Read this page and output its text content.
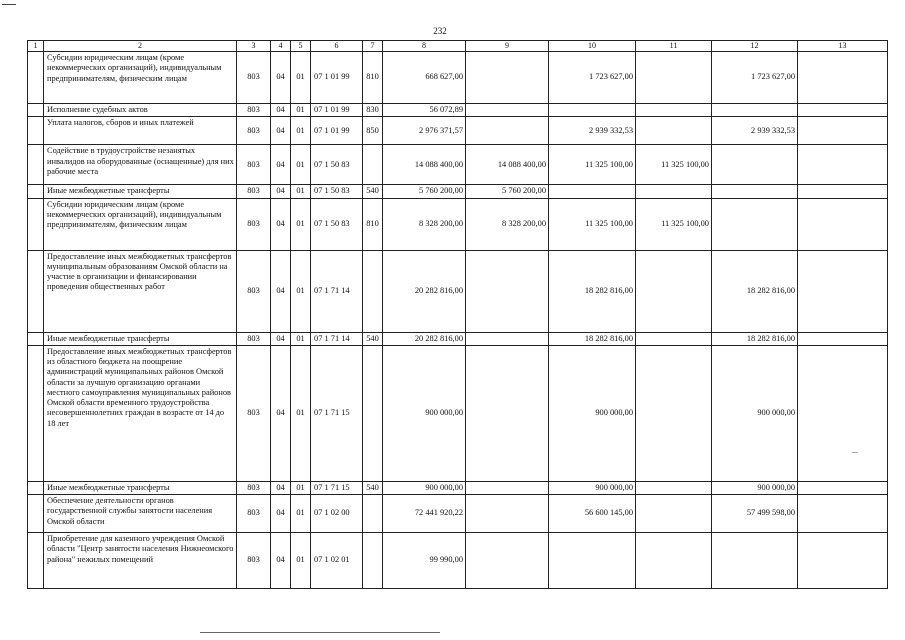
232
1	2	3	4	5	6	7	8	9	10	11	12	13
	Субсидии юридическим лицам (кроме некоммерческих организаций), индивидуальным предпринимателям, физическим лицам	803	04	01	07 1 01 99	810	668 627,00		1 723 627,00		1 723 627,00	
	Исполнение судебных актов	803	04	01	07 1 01 99	830	56 072,89					
	Уплата налогов, сборов и иных платежей	803	04	01	07 1 01 99	850	2 976 371,57		2 939 332,53		2 939 332,53	
	Содействие в трудоустройстве незанятых инвалидов на оборудованные (оснащенные) для них рабочие места	803	04	01	07 1 50 83		14 088 400,00	14 088 400,00	11 325 100,00	11 325 100,00		
	Иные межбюджетные трансферты	803	04	01	07 1 50 83	540	5 760 200,00	5 760 200,00				
	Субсидии юридическим лицам (кроме некоммерческих организаций), индивидуальным предпринимателям, физическим лицам	803	04	01	07 1 50 83	810	8 328 200,00	8 328 200,00	11 325 100,00	11 325 100,00		
	Предоставление иных межбюджетных трансфертов муниципальным образованиям Омской области на участие в организации и финансировании проведения общественных работ	803	04	01	07 1 71 14		20 282 816,00		18 282 816,00		18 282 816,00	
	Иные межбюджетные трансферты	803	04	01	07 1 71 14	540	20 282 816,00		18 282 816,00		18 282 816,00	
	Предоставление иных межбюджетных трансфертов из областного бюджета на поощрение администраций муниципальных районов Омской области за лучшую организацию органами местного самоуправления муниципальных районов Омской области временного трудоустройства несовершеннолетних граждан в возрасте от 14 до 18 лет	803	04	01	07 1 71 15		900 000,00		900 000,00		900 000,00	
	Иные межбюджетные трансферты	803	04	01	07 1 71 15	540	900 000,00		900 000,00		900 000,00	
	Обеспечение деятельности органов государственной службы занятости населения Омской области	803	04	01	07 1 02 00		72 441 920,22		56 600 145,00		57 499 598,00	
	Приобретение для казенного учреждения Омской области "Центр занятости населения Нижнеомского района" нежилых помещений	803	04	01	07 1 02 01		99 990,00					
